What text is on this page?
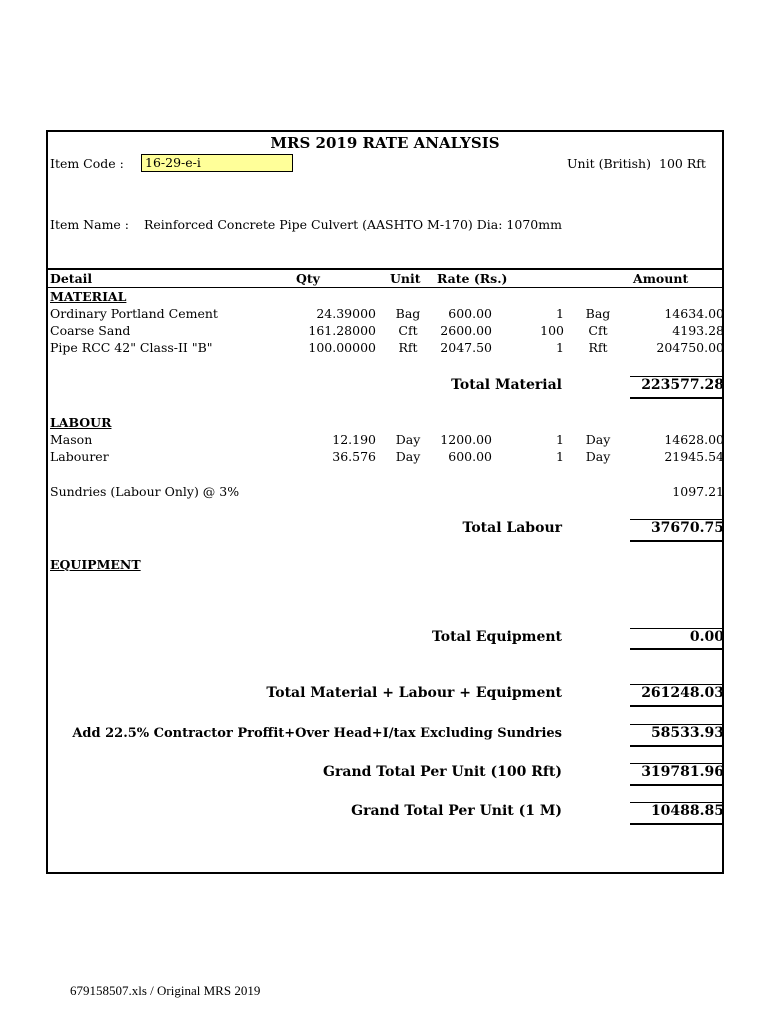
MRS 2019 RATE ANALYSIS
Item Code :	16-29-e-i	Unit (British) 100 Rft
Item Name : Reinforced Concrete Pipe Culvert (AASHTO M-170) Dia: 1070mm
Detail	Qty	Unit Rate (Rs.)	Amount
MATERIAL
Ordinary Portland Cement	24.39000	Bag	600.00	1	Bag	14634.00
Coarse Sand	161.28000	Cft	2600.00	100	Cft	4193.28
Pipe RCC 42" Class-II "B"	100.00000	Rft	2047.50	1	Rft	204750.00
Total Material	223577.28
LABOUR
Mason	12.190	Day	1200.00	1	Day	14628.00
Labourer	36.576	Day	600.00	1	Day	21945.54
Sundries (Labour Only) @ 3%	1097.21
Total Labour	37670.75
EQUIPMENT
Total Equipment	0.00
Total Material + Labour + Equipment	261248.03
Add 22.5% Contractor Proffit+Over Head+I/tax Excluding Sundries	58533.93
Grand Total Per Unit (100 Rft)	319781.96
Grand Total Per Unit (1 M)	10488.85
679158507.xls / Original MRS 2019
